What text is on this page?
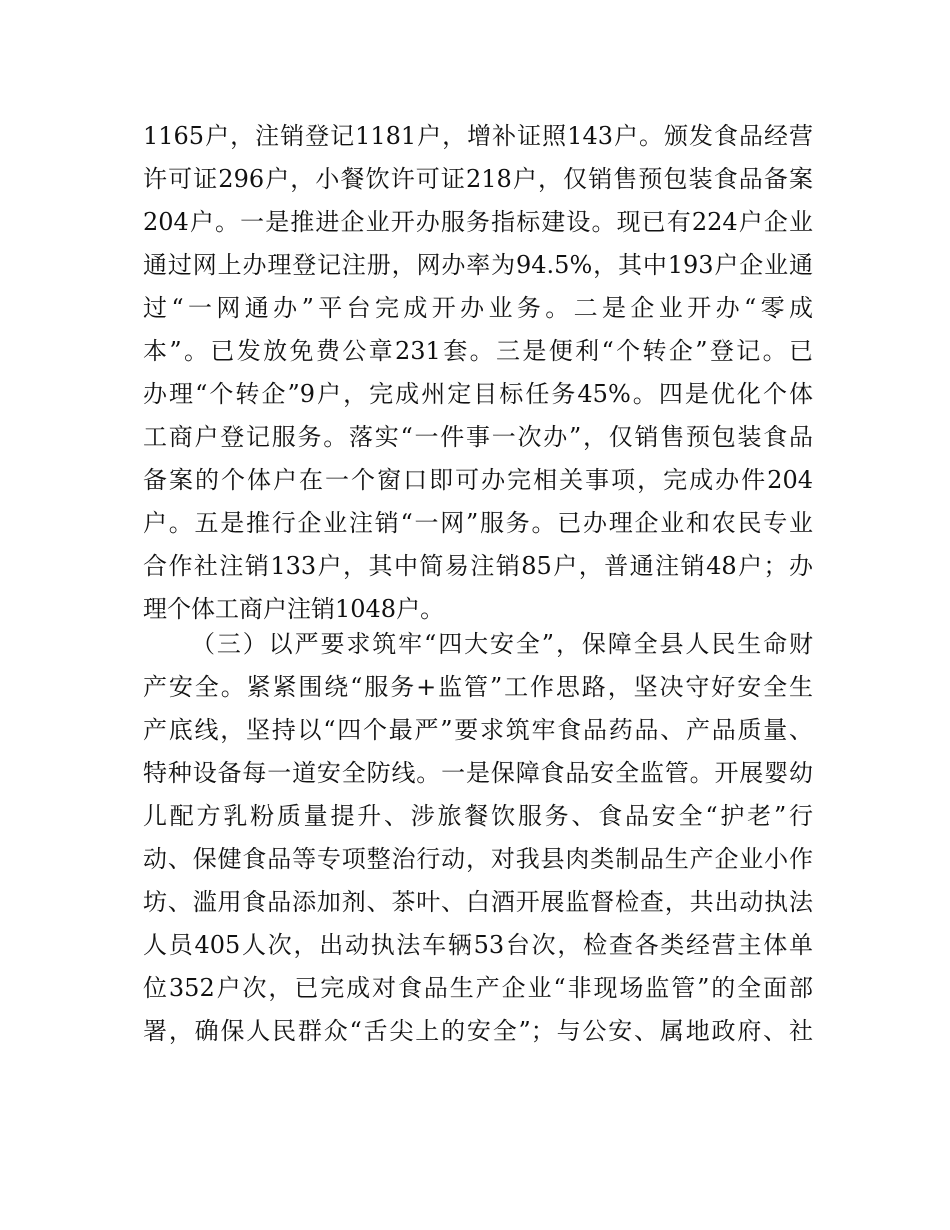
1165户，注销登记1181户，增补证照143户。颁发食品经营
许可证296户，小餐饮许可证218户，仅销售预包装食品备案
204户。一是推进企业开办服务指标建设。现已有224户企业
通过网上办理登记注册，网办率为94.5%，其中193户企业通
过“一网通办”平台完成开办业务。二是企业开办“零成
本”。已发放免费公章231套。三是便利“个转企”登记。已
办理“个转企”9户，完成州定目标任务45%。四是优化个体
工商户登记服务。落实“一件事一次办”，仅销售预包装食品
备案的个体户在一个窗口即可办完相关事项，完成办件204
户。五是推行企业注销“一网”服务。已办理企业和农民专业
合作社注销133户，其中简易注销85户，普通注销48户；办
理个体工商户注销1048户。
（三）以严要求筑牢“四大安全”，保障全县人民生命财
产安全。紧紧围绕“服务+监管”工作思路，坚决守好安全生
产底线，坚持以“四个最严”要求筑牢食品药品、产品质量、
特种设备每一道安全防线。一是保障食品安全监管。开展婴幼
儿配方乳粉质量提升、涉旅餐饮服务、食品安全“护老”行
动、保健食品等专项整治行动，对我县肉类制品生产企业小作
坊、滥用食品添加剂、茶叶、白酒开展监督检查，共出动执法
人员405人次，出动执法车辆53台次，检查各类经营主体单
位352户次，已完成对食品生产企业“非现场监管”的全面部
署，确保人民群众“舌尖上的安全”；与公安、属地政府、社
